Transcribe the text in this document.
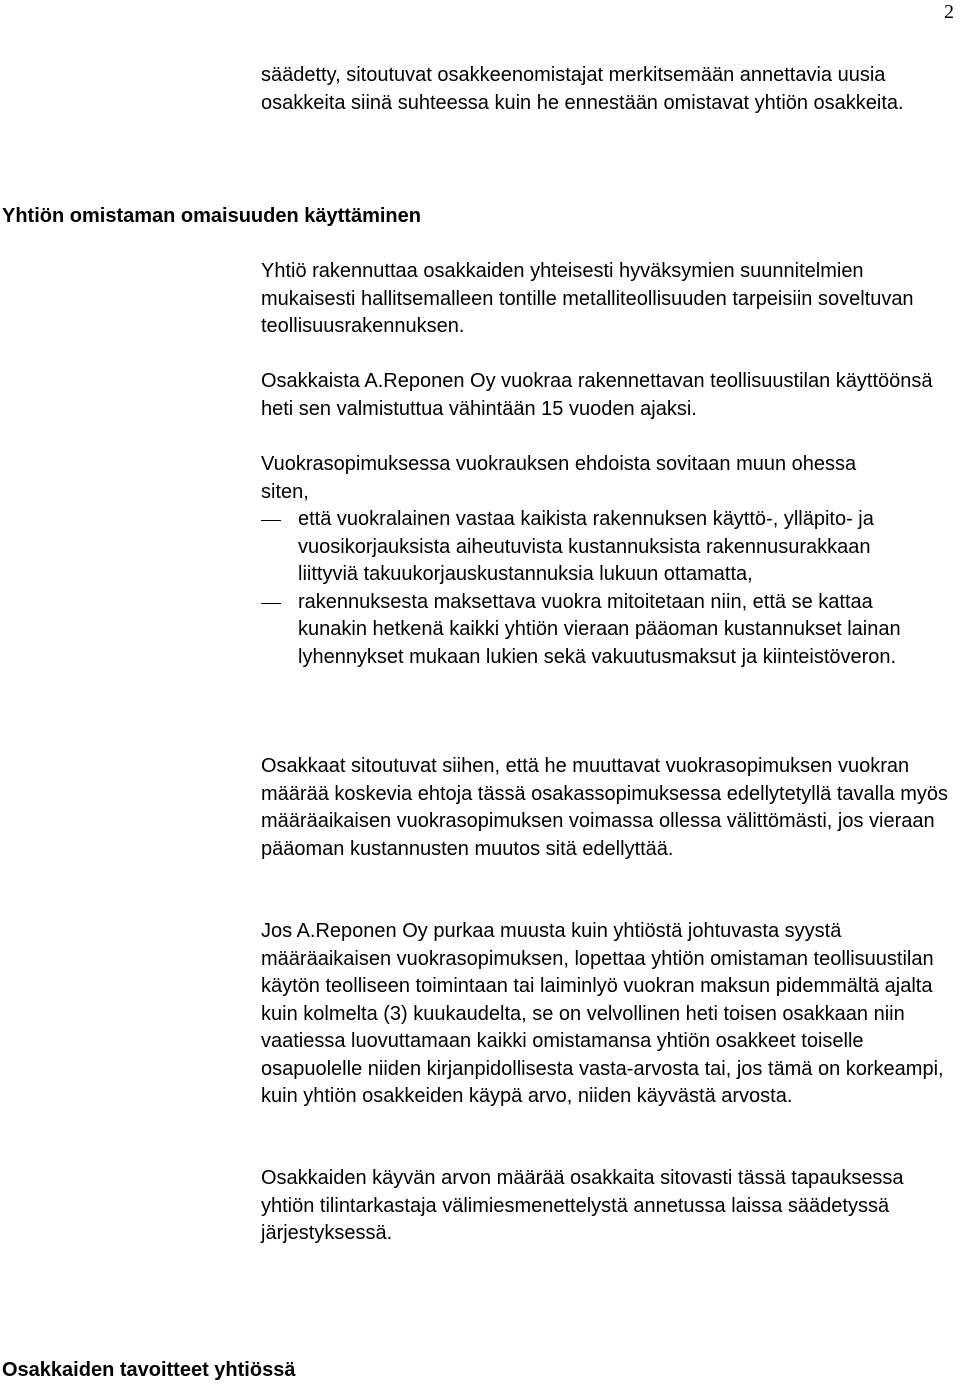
2

säädetty, sitoutuvat osakkeenomistajat merkitsemään annettavia uusia osakkeita siinä suhteessa kuin he ennestään omistavat yhtiön osakkeita.

Yhtiön omistaman omaisuuden käyttäminen

Yhtiö rakennuttaa osakkaiden yhteisesti hyväksymien suunnitelmien mukaisesti hallitsemalleen tontille metalliteollisuuden tarpeisiin soveltuvan teollisuusrakennuksen.

Osakkaista A.Reponen Oy vuokraa rakennettavan teollisuustilan käyttöönsä heti sen valmistuttua vähintään 15 vuoden ajaksi.

Vuokrasopimuksessa vuokrauksen ehdoista sovitaan muun ohessa siten,

että vuokralainen vastaa kaikista rakennuksen käyttö-, ylläpito- ja vuosikorjauksista aiheutuvista kustannuksista rakennusurakkaan liittyviä takuukorjauskustannuksia lukuun ottamatta,
rakennuksesta maksettava vuokra mitoitetaan niin, että se kattaa kunakin hetkenä kaikki yhtiön vieraan pääoman kustannukset lainan lyhennykset mukaan lukien sekä vakuutusmaksut ja kiinteistöveron.

Osakkaat sitoutuvat siihen, että he muuttavat vuokrasopimuksen vuokran määrää koskevia ehtoja tässä osakassopimuksessa edellytetyllä tavalla myös määräaikaisen vuokrasopimuksen voimassa ollessa välittömästi, jos vieraan pääoman kustannusten muutos sitä edellyttää.

Jos A.Reponen Oy purkaa muusta kuin yhtiöstä johtuvasta syystä määräaikaisen vuokrasopimuksen, lopettaa yhtiön omistaman teollisuustilan käytön teolliseen toimintaan tai laiminlyö vuokran maksun pidemmältä ajalta kuin kolmelta (3) kuukaudelta, se on velvollinen heti toisen osakkaan niin vaatiessa luovuttamaan kaikki omistamansa yhtiön osakkeet toiselle osapuolelle niiden kirjanpidollisesta vasta-arvosta tai, jos tämä on korkeampi, kuin yhtiön osakkeiden käypä arvo, niiden käyvästä arvosta.

Osakkaiden käyvän arvon määrää osakkaita sitovasti tässä tapauksessa yhtiön tilintarkastaja välimiesmenettelystä annetussa laissa säädetyssä järjestyksessä.

Osakkaiden tavoitteet yhtiössä
